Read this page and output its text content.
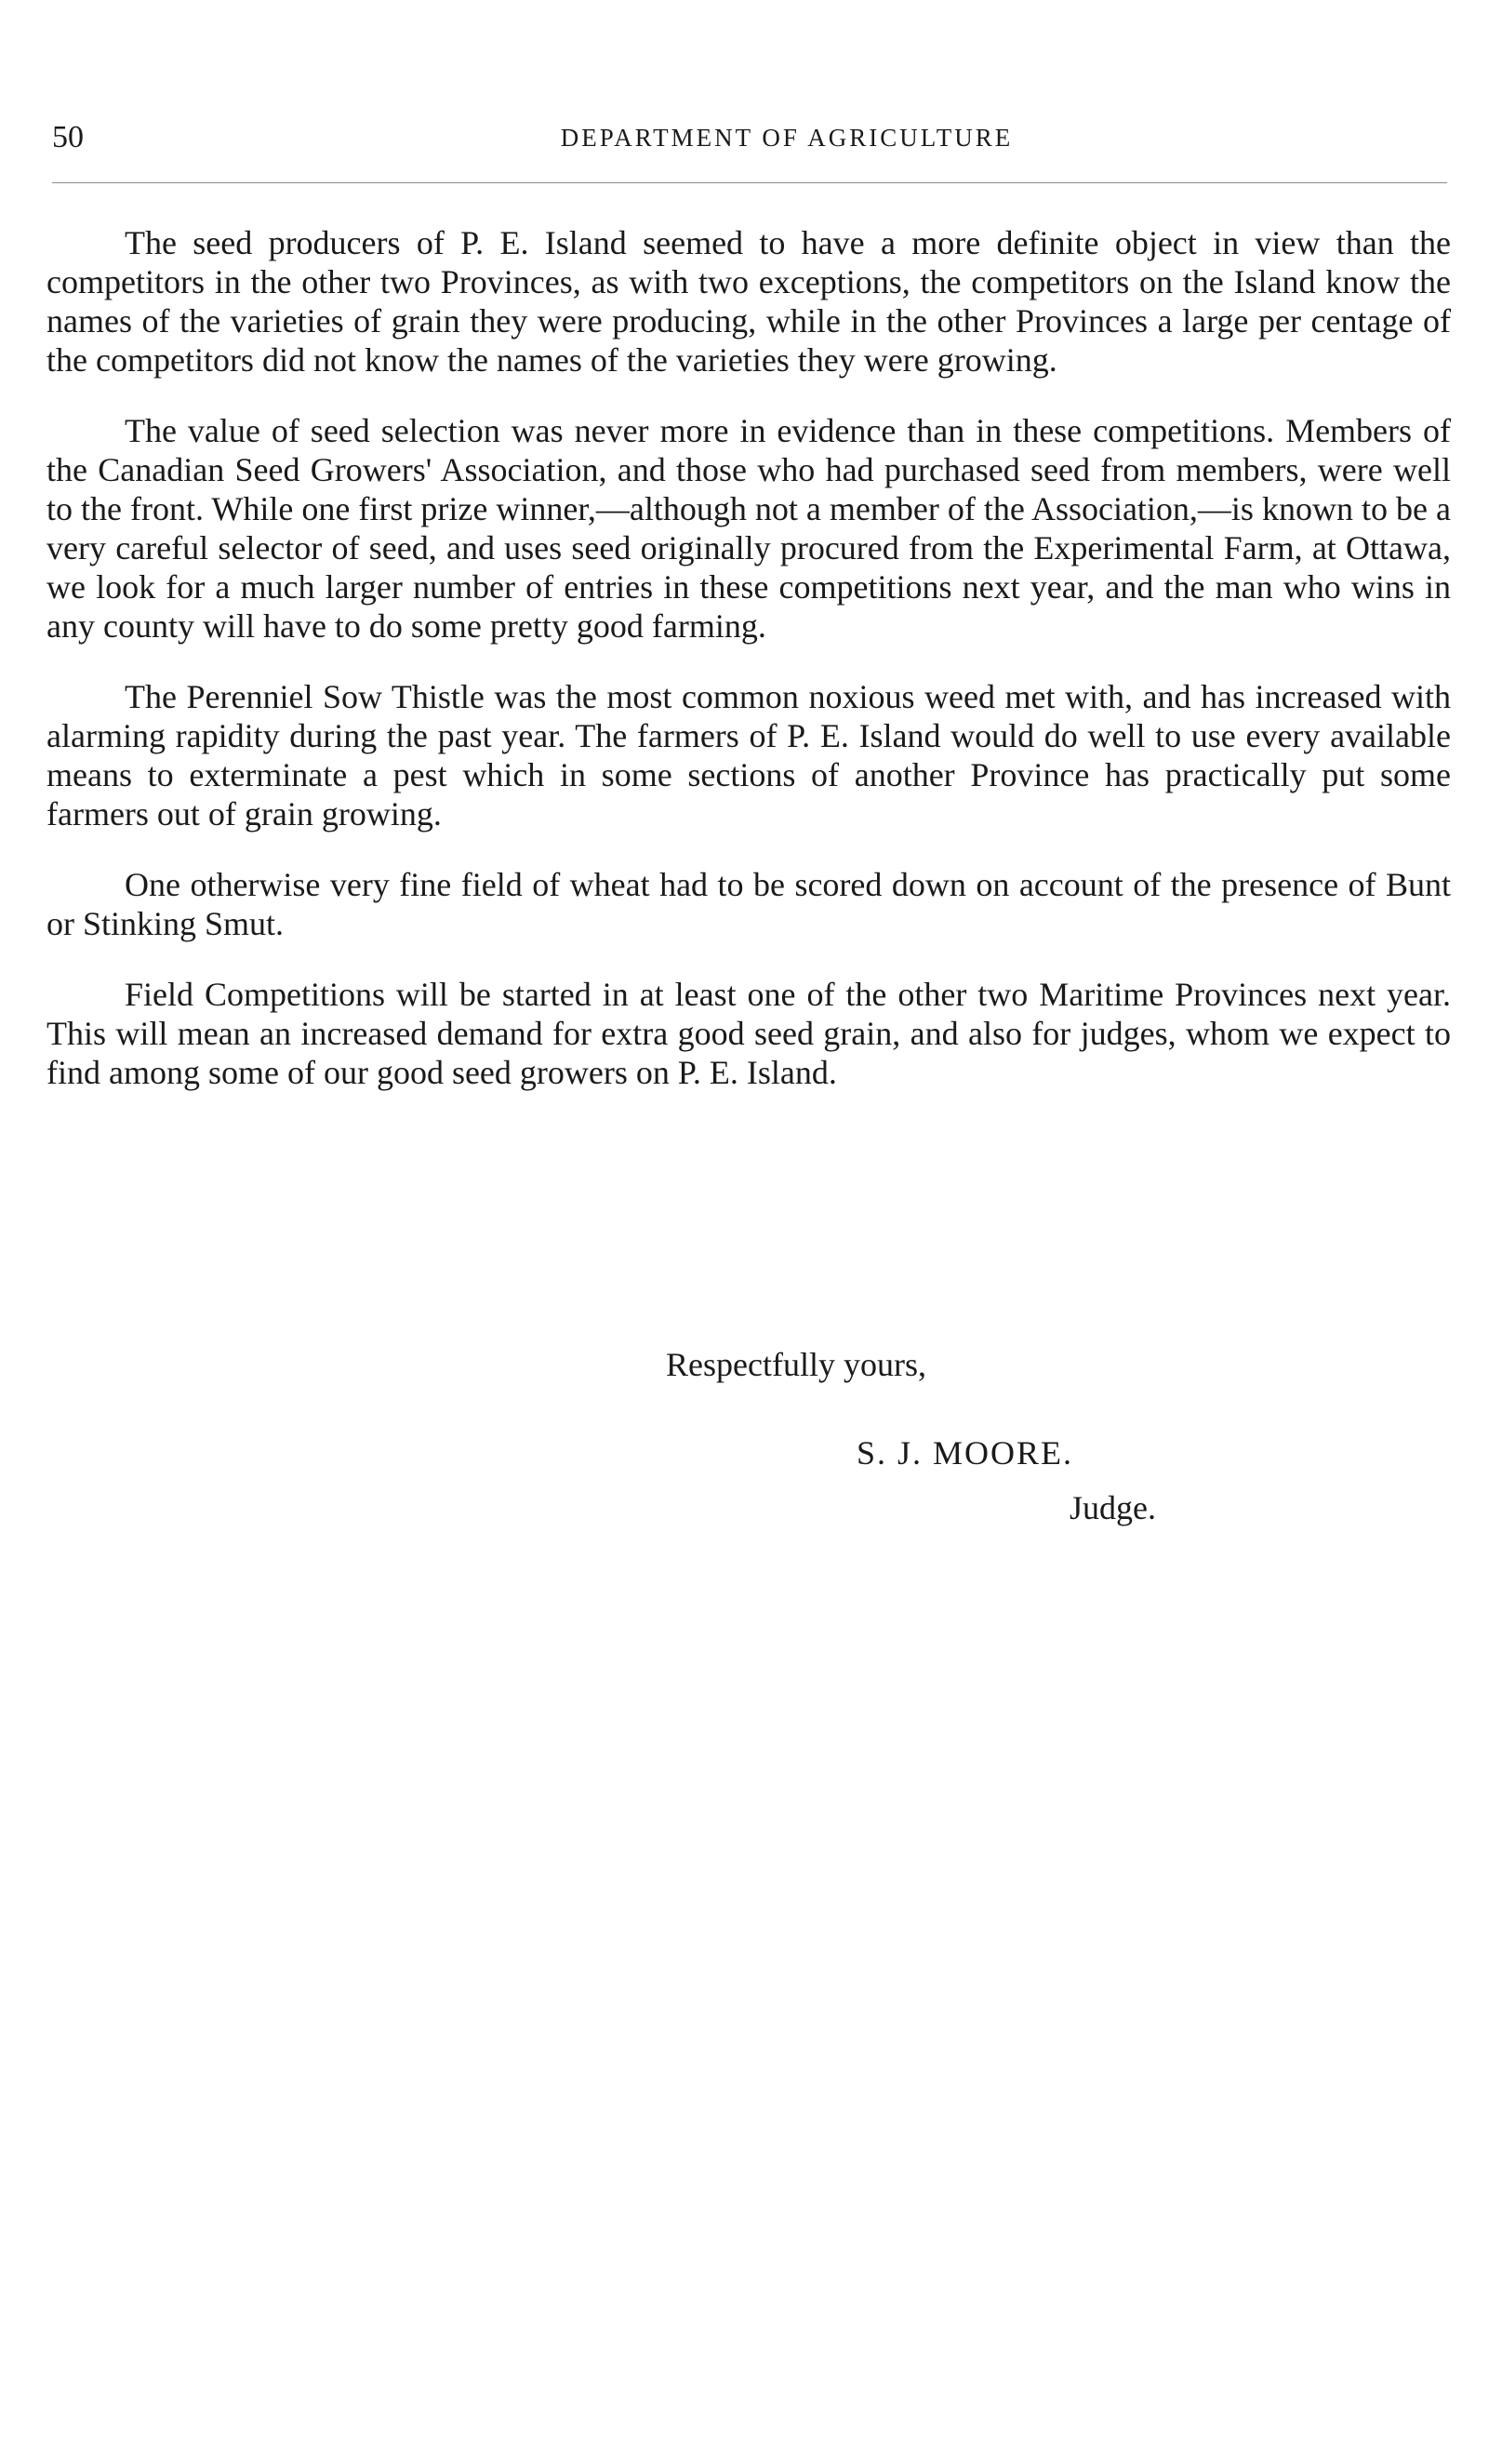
50	DEPARTMENT OF AGRICULTURE

The seed producers of P. E. Island seemed to have a more definite object in view than the competitors in the other two Provinces, as with two exceptions, the competitors on the Island know the names of the varieties of grain they were producing, while in the other Provinces a large per centage of the competitors did not know the names of the varieties they were growing.

The value of seed selection was never more in evidence than in these competitions. Members of the Canadian Seed Growers' Association, and those who had purchased seed from members, were well to the front. While one first prize winner,—although not a member of the Association,—is known to be a very careful selector of seed, and uses seed originally procured from the Experimental Farm, at Ottawa, we look for a much larger number of entries in these competitions next year, and the man who wins in any county will have to do some pretty good farming.

The Perenniel Sow Thistle was the most common noxious weed met with, and has increased with alarming rapidity during the past year. The farmers of P. E. Island would do well to use every available means to exterminate a pest which in some sections of another Province has practically put some farmers out of grain growing.

One otherwise very fine field of wheat had to be scored down on account of the presence of Bunt or Stinking Smut.

Field Competitions will be started in at least one of the other two Maritime Provinces next year. This will mean an increased demand for extra good seed grain, and also for judges, whom we expect to find among some of our good seed growers on P. E. Island.

Respectfully yours,
S. J. MOORE.
Judge.
